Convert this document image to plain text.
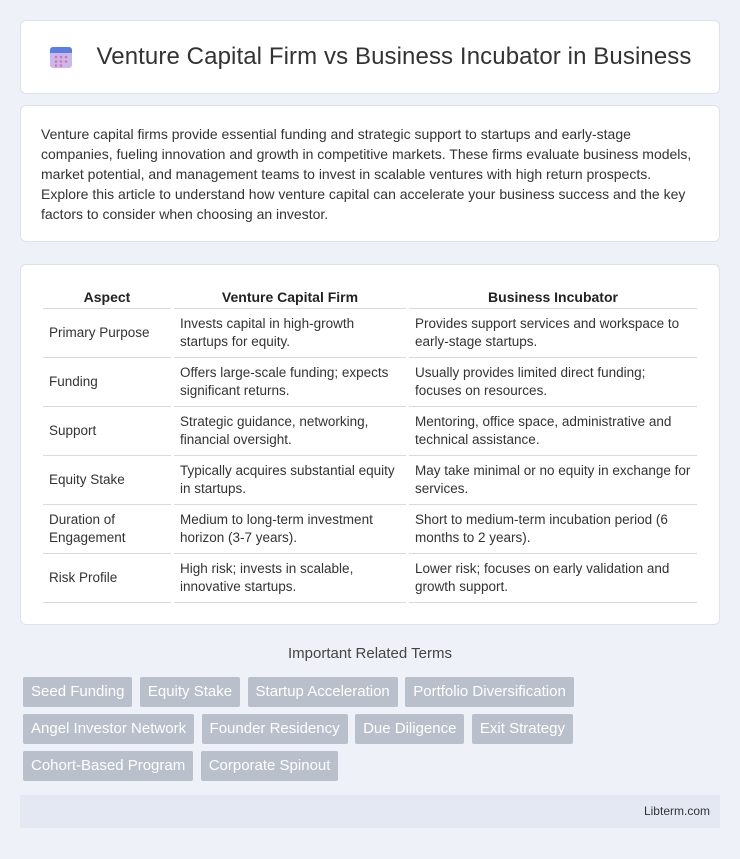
Venture Capital Firm vs Business Incubator in Business

Venture capital firms provide essential funding and strategic support to startups and early-stage companies, fueling innovation and growth in competitive markets. These firms evaluate business models, market potential, and management teams to invest in scalable ventures with high return prospects. Explore this article to understand how venture capital can accelerate your business success and the key factors to consider when choosing an investor.

Aspect	Venture Capital Firm	Business Incubator
Primary Purpose	Invests capital in high-growth startups for equity.	Provides support services and workspace to early-stage startups.
Funding	Offers large-scale funding; expects significant returns.	Usually provides limited direct funding; focuses on resources.
Support	Strategic guidance, networking, financial oversight.	Mentoring, office space, administrative and technical assistance.
Equity Stake	Typically acquires substantial equity in startups.	May take minimal or no equity in exchange for services.
Duration of Engagement	Medium to long-term investment horizon (3-7 years).	Short to medium-term incubation period (6 months to 2 years).
Risk Profile	High risk; invests in scalable, innovative startups.	Lower risk; focuses on early validation and growth support.
Important Related Terms
Seed Funding Equity Stake Startup Acceleration Portfolio Diversification Angel Investor Network Founder Residency Due Diligence Exit Strategy Cohort-Based Program Corporate Spinout
Libterm.com
